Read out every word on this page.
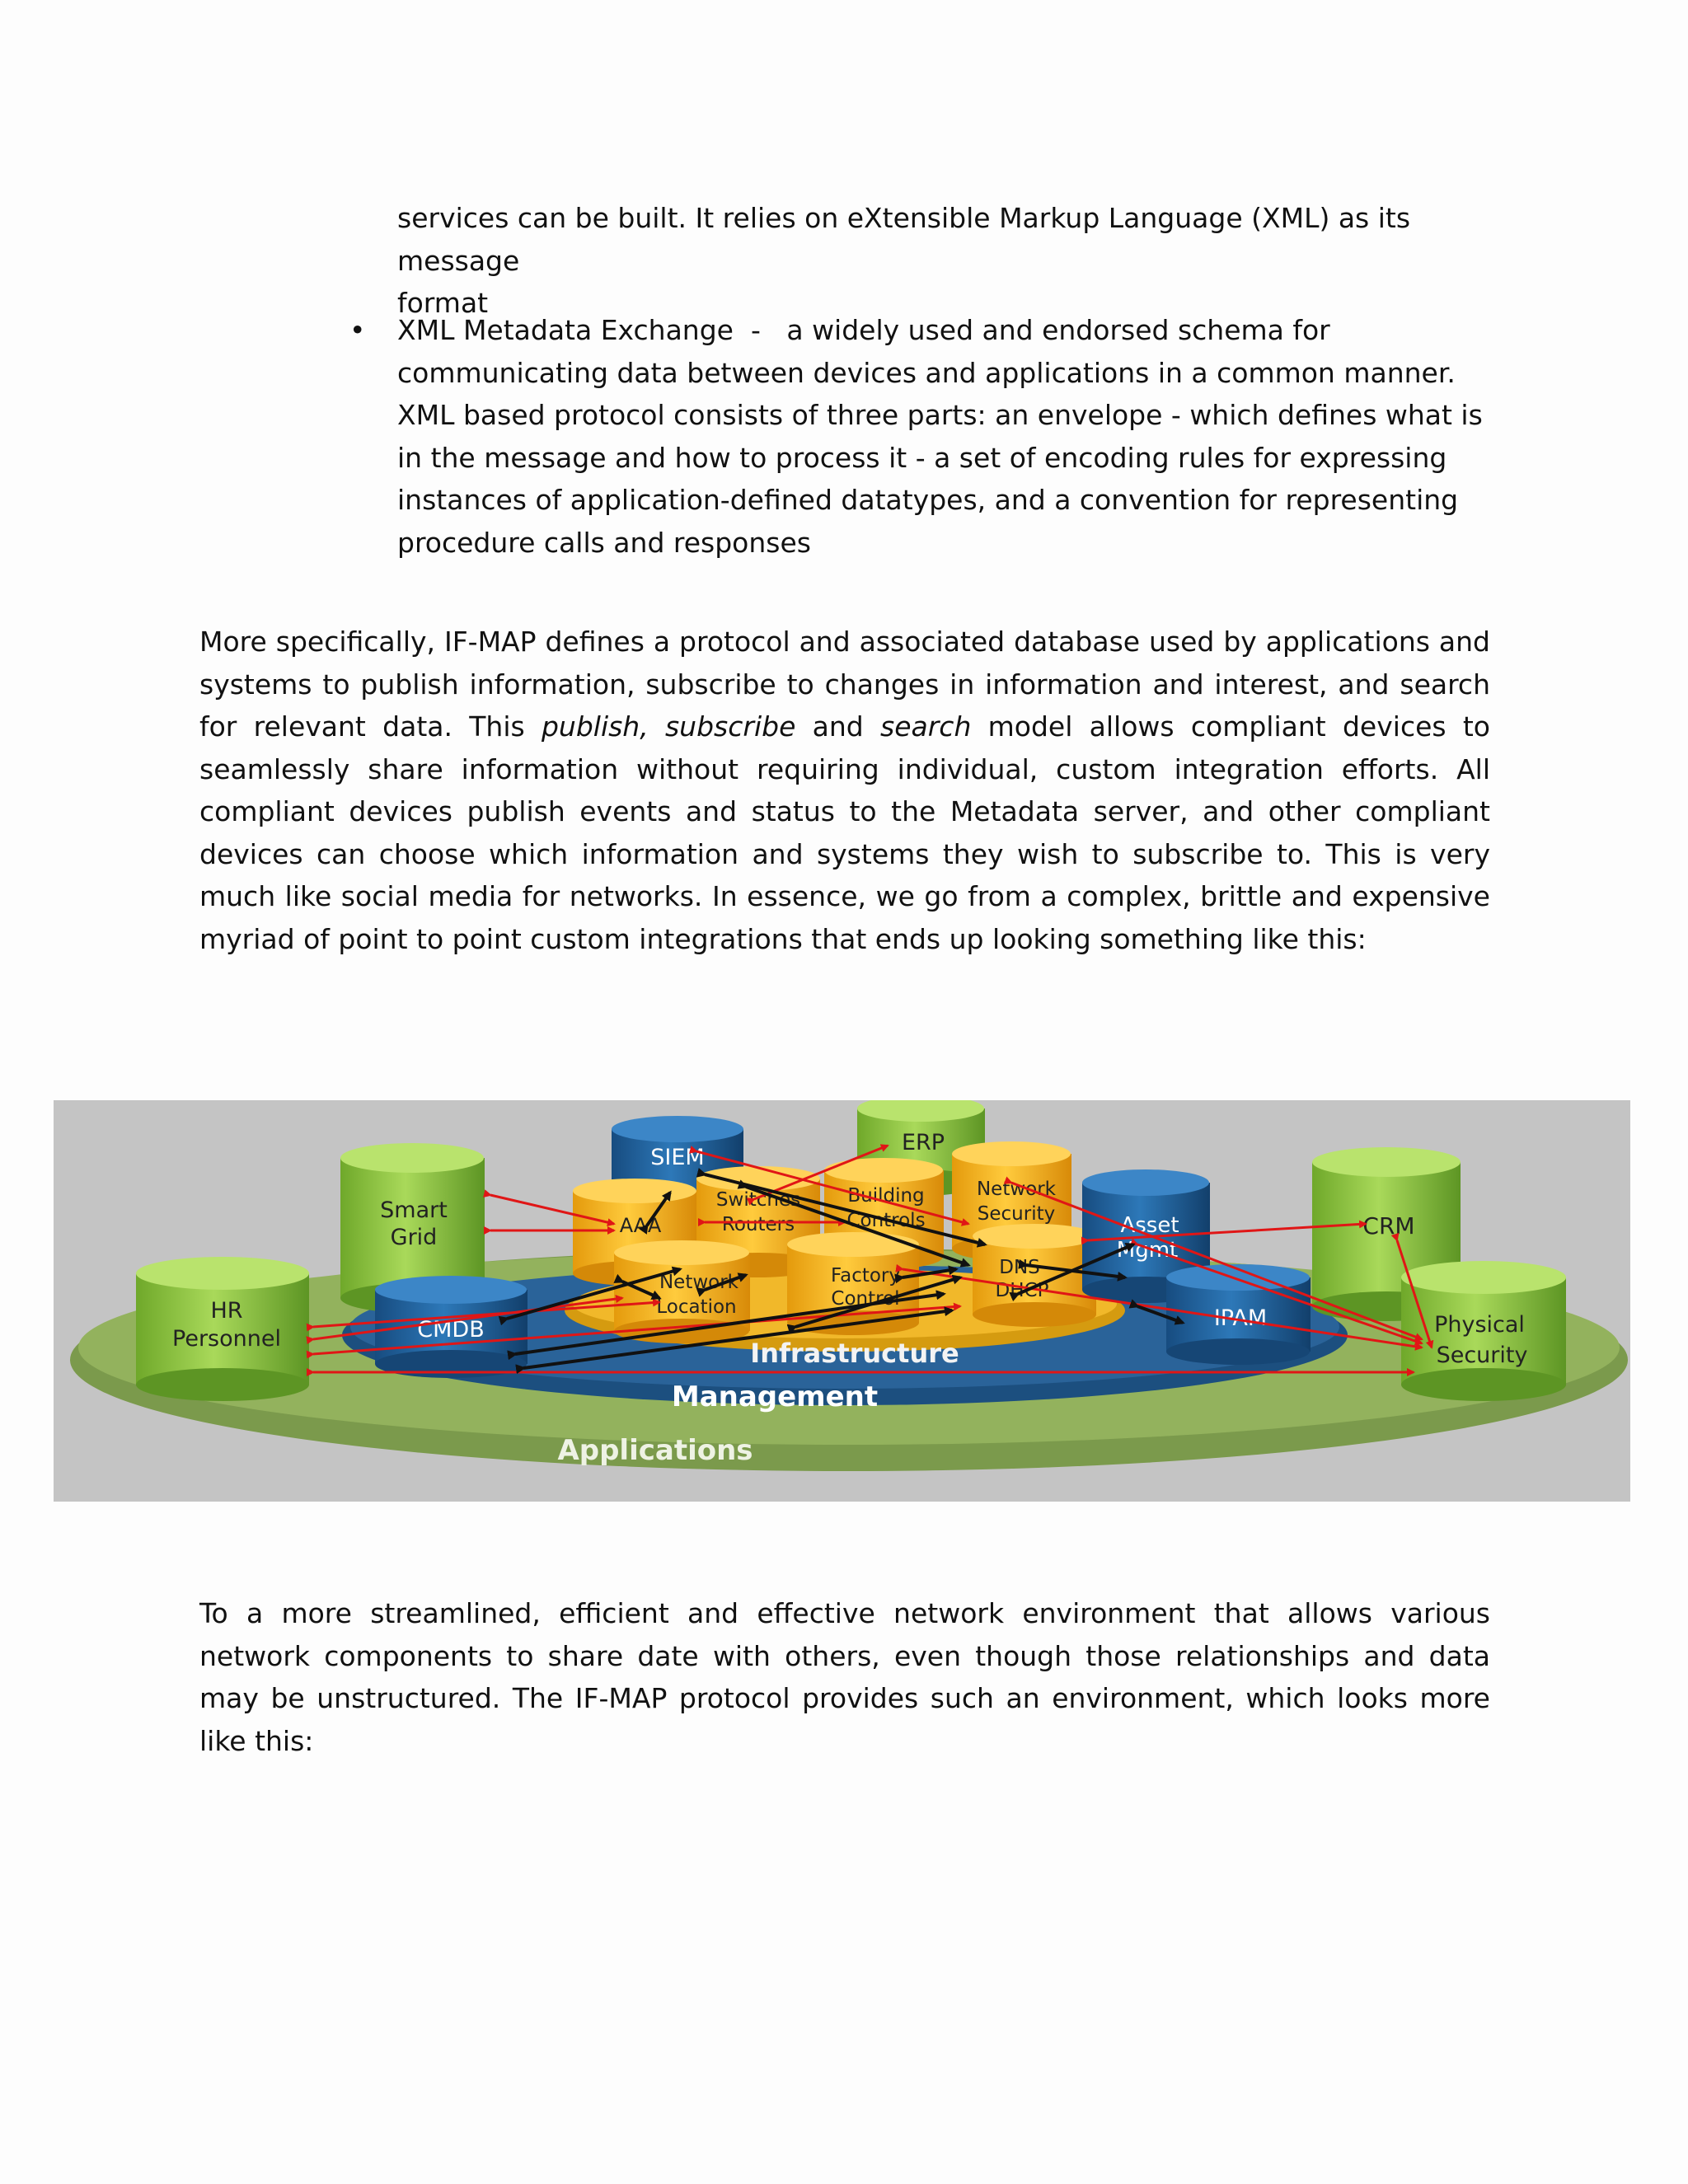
services can be built. It relies on eXtensible Markup Language (XML) as its message
format
• XML Metadata Exchange - a widely used and endorsed schema for communicating data between devices and applications in a common manner. XML based protocol consists of three parts: an envelope - which defines what is in the message and how to process it - a set of encoding rules for expressing instances of application-defined datatypes, and a convention for representing procedure calls and responses

More specifically, IF-MAP defines a protocol and associated database used by applications and systems to publish information, subscribe to changes in information and interest, and search for relevant data. This publish, subscribe and search model allows compliant devices to seamlessly share information without requiring individual, custom integration efforts. All compliant devices publish events and status to the Metadata server, and other compliant devices can choose which information and systems they wish to subscribe to. This is very much like social media for networks. In essence, we go from a complex, brittle and expensive myriad of point to point custom integrations that ends up looking something like this:

Infrastructure
Management
Applications
SIEM
ERP
Smart
Grid	CRM
AAA
Switches
Routers
Building
Controls
Network
Security
Network
Location
Factory
Control
DNS
DHCP
Asset
Mgmt
CMDB	IPAM
HR
Personnel
Physical
Security

To a more streamlined, efficient and effective network environment that allows various network components to share date with others, even though those relationships and data may be unstructured. The IF-MAP protocol provides such an environment, which looks more like this:
